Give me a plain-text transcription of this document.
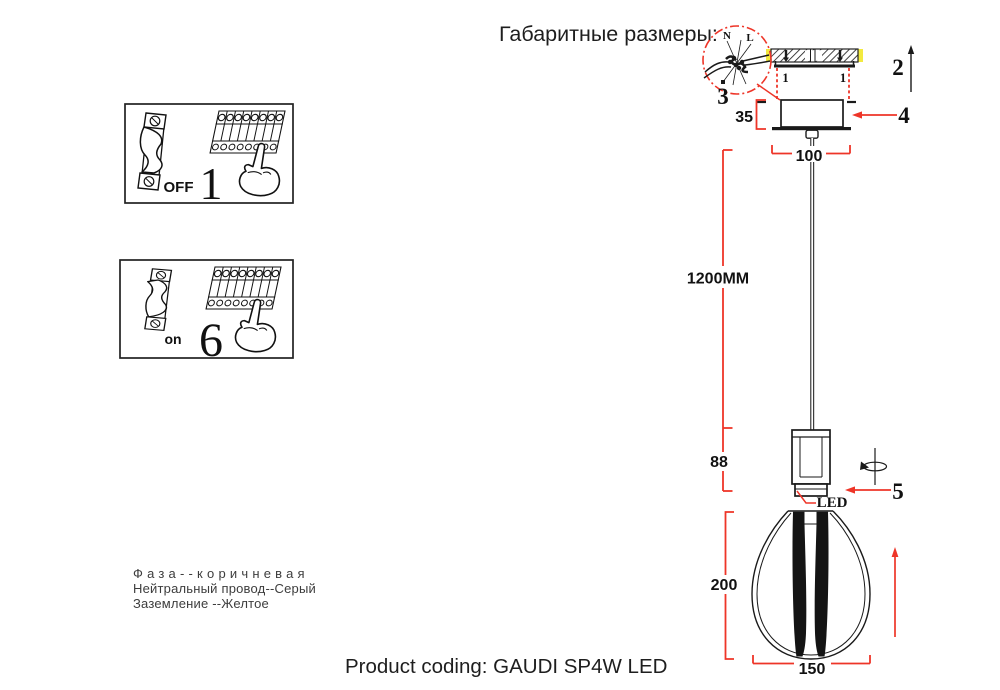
Габаритные размеры:
Фаза--коричневая
Нейтральный провод--Серый
Заземление --Желтое
Product coding: GAUDI SP4W LED
OFF 1
on 6
1	1
N L
3
35
100
1200MM
88
200
150
2
4
5
LED
